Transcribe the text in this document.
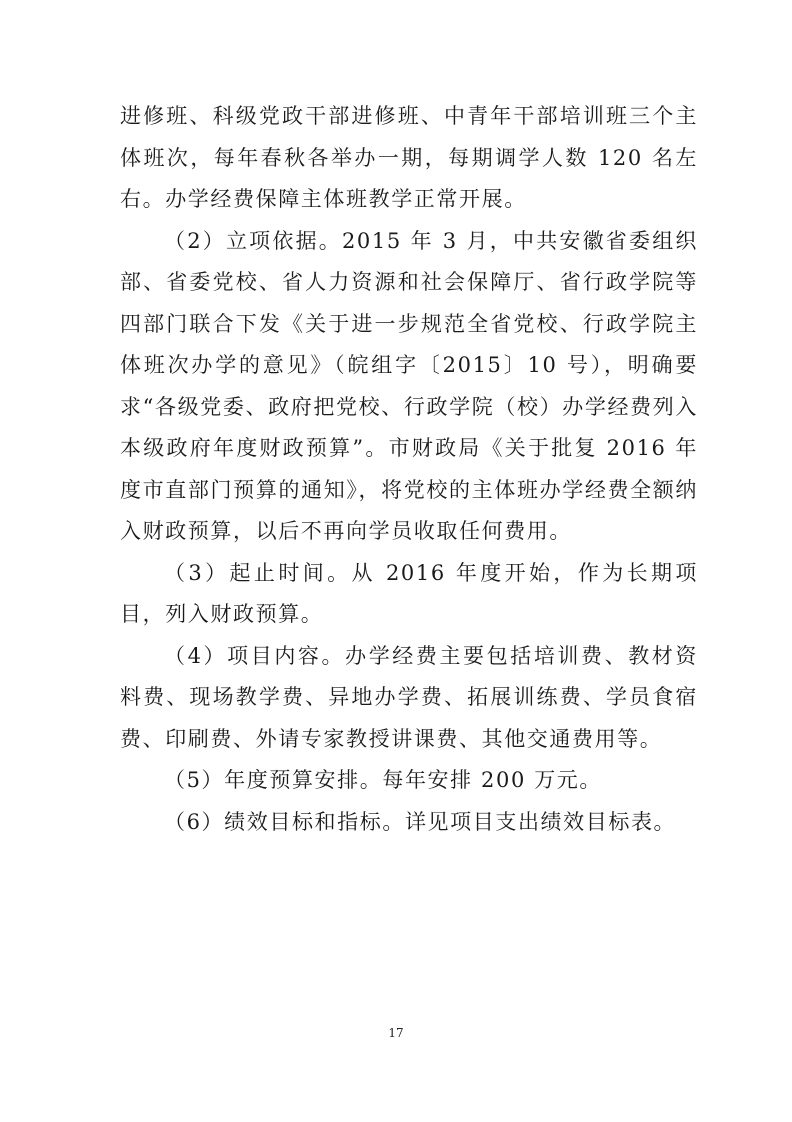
进修班、科级党政干部进修班、中青年干部培训班三个主体班次，每年春秋各举办一期，每期调学人数 120 名左右。办学经费保障主体班教学正常开展。

（2）立项依据。2015 年 3 月，中共安徽省委组织部、省委党校、省人力资源和社会保障厅、省行政学院等四部门联合下发《关于进一步规范全省党校、行政学院主体班次办学的意见》（皖组字〔2015〕10 号），明确要求“各级党委、政府把党校、行政学院（校）办学经费列入本级政府年度财政预算”。市财政局《关于批复 2016 年度市直部门预算的通知》，将党校的主体班办学经费全额纳入财政预算，以后不再向学员收取任何费用。

（3）起止时间。从 2016 年度开始，作为长期项目，列入财政预算。

（4）项目内容。办学经费主要包括培训费、教材资料费、现场教学费、异地办学费、拓展训练费、学员食宿费、印刷费、外请专家教授讲课费、其他交通费用等。

（5）年度预算安排。每年安排 200 万元。

（6）绩效目标和指标。详见项目支出绩效目标表。

17
